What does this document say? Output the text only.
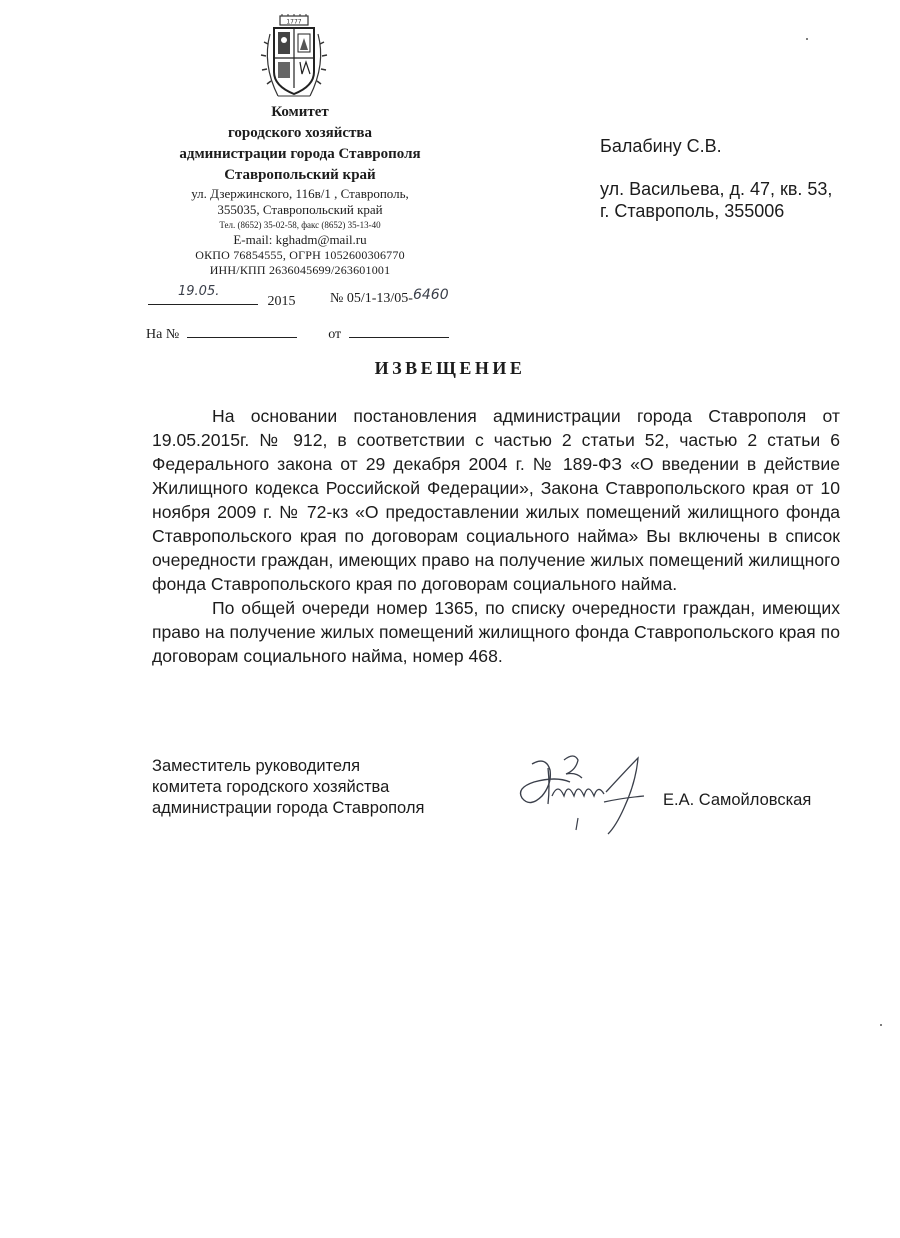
1777
Комитет
городского хозяйства
администрации города Ставрополя
Ставропольский край
ул. Дзержинского, 116в/1 , Ставрополь,
355035, Ставропольский край
Тел. (8652) 35-02-58, факс (8652) 35-13-40
E-mail: kghadm@mail.ru
ОКПО 76854555, ОГРН 1052600306770
ИНН/КПП 2636045699/263601001
19.05.
2015 № 05/1-13/05-6460
На №	от
Балабину С.В.
ул. Васильева, д. 47, кв. 53,
г. Ставрополь, 355006
ИЗВЕЩЕНИЕ

На основании постановления администрации города Ставрополя от 19.05.2015г. № 912, в соответствии с частью 2 статьи 52, частью 2 статьи 6 Федерального закона от 29 декабря 2004 г. № 189-ФЗ «О введении в действие Жилищного кодекса Российской Федерации», Закона Ставропольского края от 10 ноября 2009 г. № 72-кз «О предоставлении жилых помещений жилищного фонда Ставропольского края по договорам социального найма» Вы включены в список очередности граждан, имеющих право на получение жилых помещений жилищного фонда Ставропольского края по договорам социального найма.

По общей очереди номер 1365, по списку очередности граждан, имеющих право на получение жилых помещений жилищного фонда Ставропольского края по договорам социального найма, номер 468.

Заместитель руководителя
комитета городского хозяйства
администрации города Ставрополя	Е.А. Самойловская
